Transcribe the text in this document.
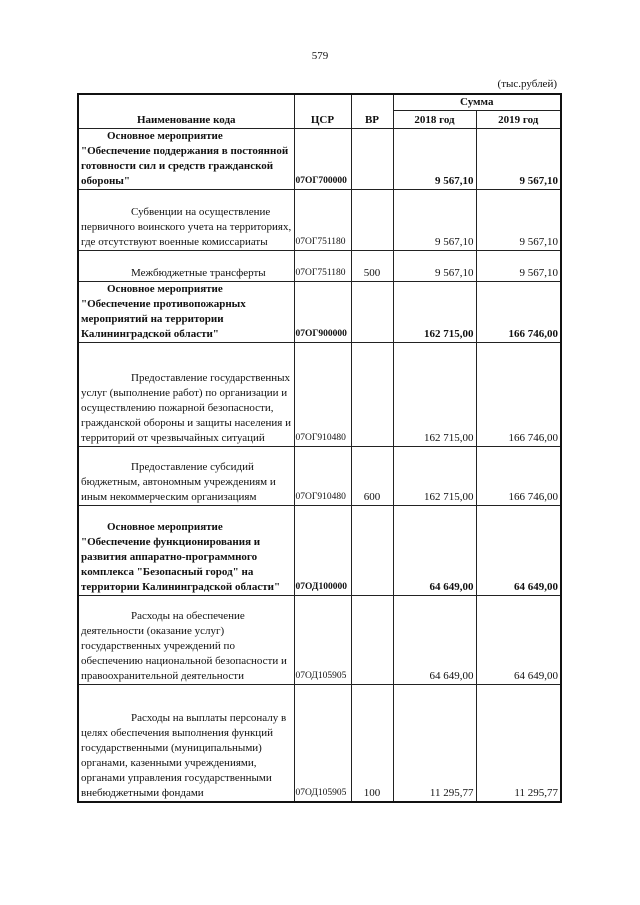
579
(тыс.рублей)
Наименование кода	ЦСР	ВР	Сумма	
			2018 год	2019 год
Основное мероприятие "Обеспечение поддержания в постоянной готовности сил и средств гражданской обороны"	07ОГ700000		9 567,10	9 567,10
Субвенции на осуществление первичного воинского учета на территориях, где отсутствуют военные комиссариаты	07ОГ751180		9 567,10	9 567,10
Межбюджетные трансферты	07ОГ751180	500	9 567,10	9 567,10
Основное мероприятие "Обеспечение противопожарных мероприятий на территории Калининградской области"	07ОГ900000		162 715,00	166 746,00
Предоставление государственных услуг (выполнение работ) по организации и осуществлению пожарной безопасности, гражданской обороны и защиты населения и территорий от чрезвычайных ситуаций	07ОГ910480		162 715,00	166 746,00
Предоставление субсидий бюджетным, автономным учреждениям и иным некоммерческим организациям	07ОГ910480	600	162 715,00	166 746,00
Основное мероприятие "Обеспечение функционирования и развития аппаратно-программного комплекса "Безопасный город" на территории Калининградской области"	07ОД100000		64 649,00	64 649,00
Расходы на обеспечение деятельности (оказание услуг) государственных учреждений по обеспечению национальной безопасности и правоохранительной деятельности	07ОД105905		64 649,00	64 649,00
Расходы на выплаты персоналу в целях обеспечения выполнения функций государственными (муниципальными) органами, казенными учреждениями, органами управления государственными внебюджетными фондами	07ОД105905	100	11 295,77	11 295,77
